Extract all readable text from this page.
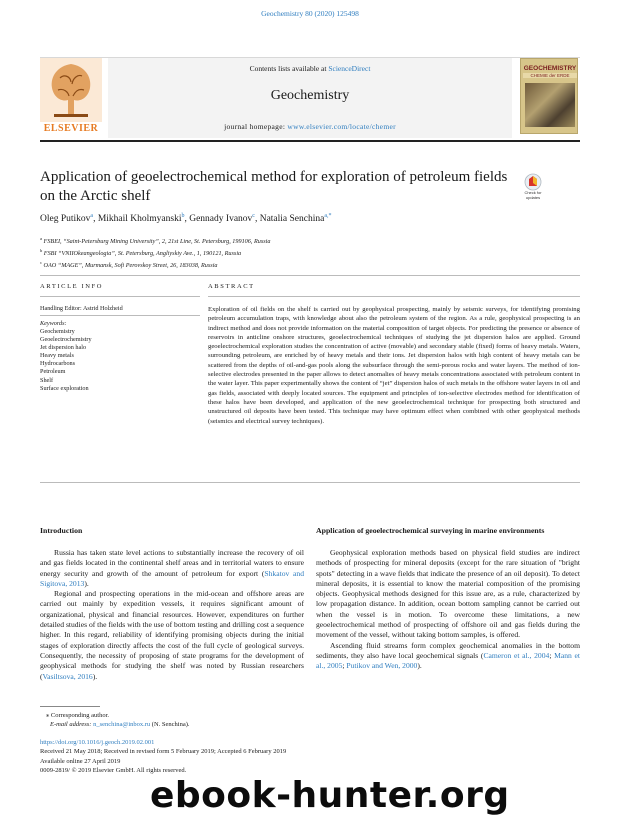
Geochemistry 80 (2020) 125498
ELSEVIER
Contents lists available at ScienceDirect
Geochemistry
journal homepage: www.elsevier.com/locate/chemer
GEOCHEMISTRY
CHEMIE der ERDE
Application of geoelectrochemical method for exploration of petroleum fields on the Arctic shelf	Check for updates
Oleg Putikov$^a$, Mikhail Kholmyanski$^b$, Gennady Ivanov$^c$, Natalia Senchina$^{a,*}$
$^a$ FSBEI, “Saint-Petersburg Mining University”, 2, 21st Line, St. Petersburg, 199106, Russia
$^b$ FSBI “VNIIOkeangeologia”, St. Petersburg, Angliyskiy Ave., 1, 190121, Russia
$^c$ OAO “MAGE”, Murmansk, Sofi Perovskoy Street, 26, 183038, Russia
ARTICLE INFO	ABSTRACT
Handling Editor: Astrid Holzheid
Keywords:
Geochemistry
Geoelectrochemistry
Jet dispersion halo
Heavy metals
Hydrocarbons
Petroleum
Shelf
Surface exploration
Exploration of oil fields on the shelf is carried out by geophysical prospecting, mainly by seismic surveys, for identifying promising petroleum accumulation traps, with knowledge about also the petroleum system of the region. As a rule, geophysical prospecting is an indirect method and does not provide information on the material composition of target objects. For predicting the presence or absence of reservoirs in anticline onshore structures, geoelectrochemical techniques of studying the jet dispersion halos are applied. Ground geoelectrochemical exploration studies the concentration of active (movable) and secondary stable (fixed) forms of heavy metals. Waters, surrounding petroleum, are enriched by of heavy metals and their ions. Jet dispersion halos with high content of heavy metals can be scattered from the depths of oil-and-gas pools along the subsurface through the semi-porous rocks and water layers. The method of ion-selective electrodes presented in the paper allows to detect anomalies of heavy metals concentrations associated with petroleum content in the water layer. This paper experimentally shows the content of “jet” dispersion halos of such metals in the offshore water layers in oil and gas fields, associated with deeply located sources. The equipment and principles of ion-selective electrodes method for identification of these halos have been developed, and application of the new geoelectrochemical technique for prospecting both structured and unstructured oil deposits have been tested. This technique may have optimum effect when combined with other geophysical methods (seismics and electrical survey techniques).
Introduction

Russia has taken state level actions to substantially increase the recovery of oil and gas fields located in the continental shelf areas and in territorial waters to ensure energy security and growth of the amount of petroleum for export (Shkatov and Sigitova, 2013).

Regional and prospecting operations in the mid-ocean and offshore areas are carried out mainly by expedition vessels, it requires significant amount of organizational, physical and financial resources. However, expenditures on further detailed studies of the fields with the use of bottom testing and drilling cost a sequence higher. In this regard, reliability of identifying promising objects during the initial stages of exploration directly affects the cost of the full cycle of geological surveys. Consequently, the necessity of proposing of state programs for the development of geophysical methods for studying the shelf was noted by Russian researchers (Vasiltsova, 2016).

Application of geoelectrochemical surveying in marine environments

Geophysical exploration methods based on physical field studies are indirect methods of prospecting for mineral deposits (except for the rare situation of "bright spots" detecting in a wave fields that indicate the presence of an oil deposit). To detect mineral deposits, it is essential to know the material composition of the promising objects. Geophysical methods designed for this issue are, as a rule, characterized by low propagation distance. In addition, ocean bottom sampling cannot be carried out when the vessel is in motion. To overcome these limitations, a new geoelectrochemical method of prospecting of offshore oil and gas fields during the movement of the vessel, without taking bottom samples, is offered.

Ascending fluid streams form complex geochemical anomalies in the bottom sediments, they also have local geochemical signals (Cameron et al., 2004; Mann et al., 2005; Putikov and Wen, 2000).

⁎ Corresponding author.
E-mail address: n_senchina@inbox.ru (N. Senchina).
https://doi.org/10.1016/j.geoch.2019.02.001
Received 21 May 2018; Received in revised form 5 February 2019; Accepted 6 February 2019
Available online 27 April 2019
0009-2819/ © 2019 Elsevier GmbH. All rights reserved.
ebook-hunter.org
